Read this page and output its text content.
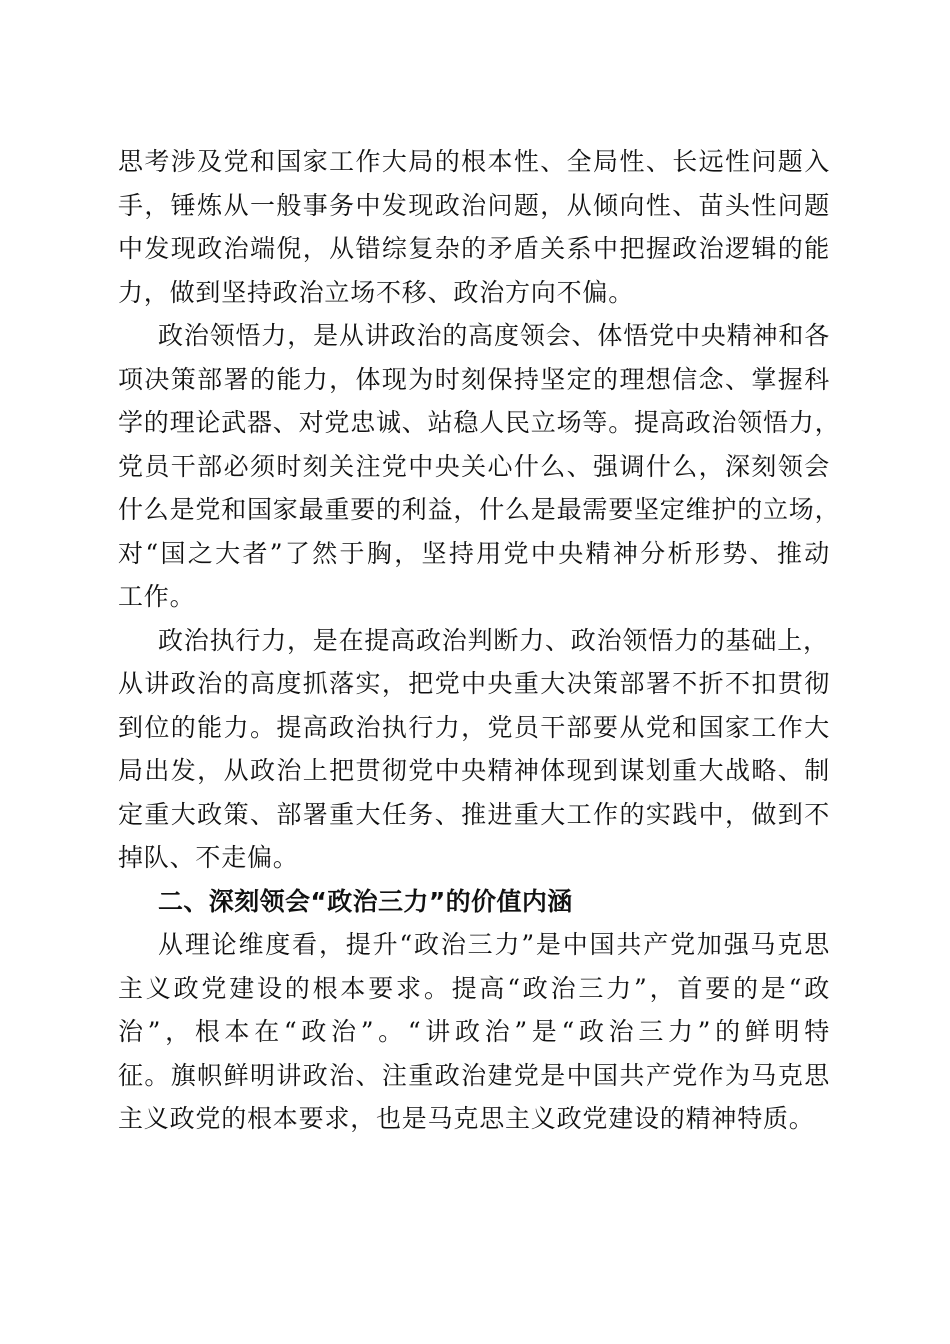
思考涉及党和国家工作大局的根本性、全局性、长远性问题入
手，锤炼从一般事务中发现政治问题，从倾向性、苗头性问题
中发现政治端倪，从错综复杂的矛盾关系中把握政治逻辑的能
力，做到坚持政治立场不移、政治方向不偏。
政治领悟力，是从讲政治的高度领会、体悟党中央精神和各
项决策部署的能力，体现为时刻保持坚定的理想信念、掌握科
学的理论武器、对党忠诚、站稳人民立场等。提高政治领悟力，
党员干部必须时刻关注党中央关心什么、强调什么，深刻领会
什么是党和国家最重要的利益，什么是最需要坚定维护的立场，
对“国之大者”了然于胸，坚持用党中央精神分析形势、推动
工作。
政治执行力，是在提高政治判断力、政治领悟力的基础上，
从讲政治的高度抓落实，把党中央重大决策部署不折不扣贯彻
到位的能力。提高政治执行力，党员干部要从党和国家工作大
局出发，从政治上把贯彻党中央精神体现到谋划重大战略、制
定重大政策、部署重大任务、推进重大工作的实践中，做到不
掉队、不走偏。
二、深刻领会“政治三力”的价值内涵
从理论维度看，提升“政治三力”是中国共产党加强马克思
主义政党建设的根本要求。提高“政治三力”，首要的是“政
治”，根本在“政治”。“讲政治”是“政治三力”的鲜明特
征。旗帜鲜明讲政治、注重政治建党是中国共产党作为马克思
主义政党的根本要求，也是马克思主义政党建设的精神特质。
